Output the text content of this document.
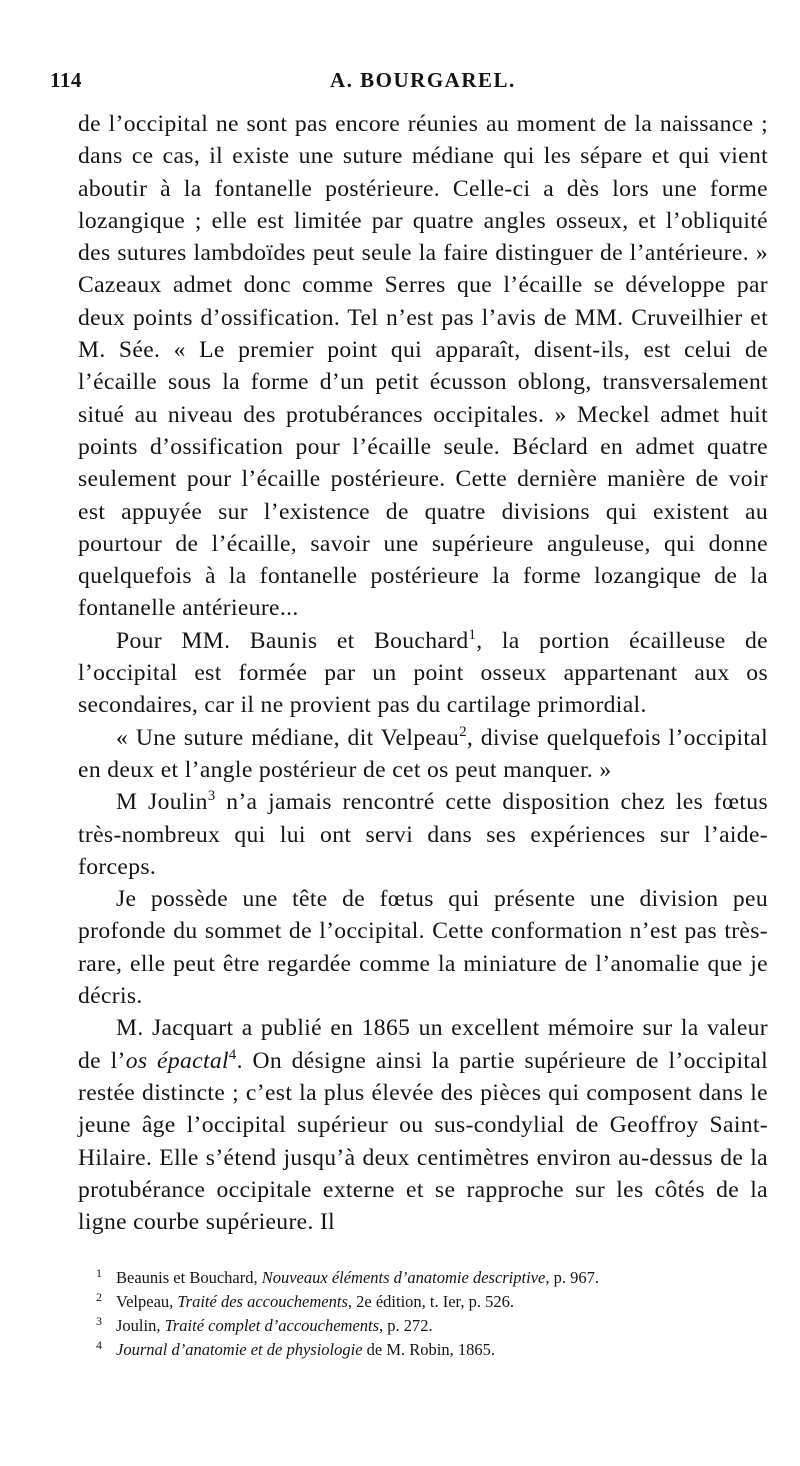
114	A. BOURGAREL.

de l’occipital ne sont pas encore réunies au moment de la naissance ; dans ce cas, il existe une suture médiane qui les sépare et qui vient aboutir à la fontanelle postérieure. Celle-ci a dès lors une forme lozangique ; elle est limitée par quatre angles osseux, et l’obliquité des sutures lambdoïdes peut seule la faire distinguer de l’antérieure. » Cazeaux admet donc comme Serres que l’écaille se développe par deux points d’ossification. Tel n’est pas l’avis de MM. Cruveilhier et M. Sée. « Le premier point qui apparaît, disent-ils, est celui de l’écaille sous la forme d’un petit écusson oblong, transversalement situé au niveau des protubérances occipitales. » Meckel admet huit points d’ossification pour l’écaille seule. Béclard en admet quatre seulement pour l’écaille postérieure. Cette dernière manière de voir est appuyée sur l’existence de quatre divisions qui existent au pourtour de l’écaille, savoir une supérieure anguleuse, qui donne quelquefois à la fontanelle postérieure la forme lozangique de la fontanelle antérieure...

Pour MM. Baunis et Bouchard$^1$, la portion écailleuse de l’occipital est formée par un point osseux appartenant aux os secondaires, car il ne provient pas du cartilage primordial.

« Une suture médiane, dit Velpeau$^2$, divise quelquefois l’occipital en deux et l’angle postérieur de cet os peut manquer. »

M Joulin$^3$ n’a jamais rencontré cette disposition chez les fœtus très-nombreux qui lui ont servi dans ses expériences sur l’aide-forceps.

Je possède une tête de fœtus qui présente une division peu profonde du sommet de l’occipital. Cette conformation n’est pas très-rare, elle peut être regardée comme la miniature de l’anomalie que je décris.

M. Jacquart a publié en 1865 un excellent mémoire sur la valeur de l’os épactal$^4$. On désigne ainsi la partie supérieure de l’occipital restée distincte ; c’est la plus élevée des pièces qui composent dans le jeune âge l’occipital supérieur ou sus-condylial de Geoffroy Saint-Hilaire. Elle s’étend jusqu’à deux centimètres environ au-dessus de la protubérance occipitale externe et se rapproche sur les côtés de la ligne courbe supérieure. Il

1 Beaunis et Bouchard, Nouveaux éléments d’anatomie descriptive, p. 967.
2 Velpeau, Traité des accouchements, 2e édition, t. Ier, p. 526.
3 Joulin, Traité complet d’accouchements, p. 272.
4 Journal d’anatomie et de physiologie de M. Robin, 1865.
